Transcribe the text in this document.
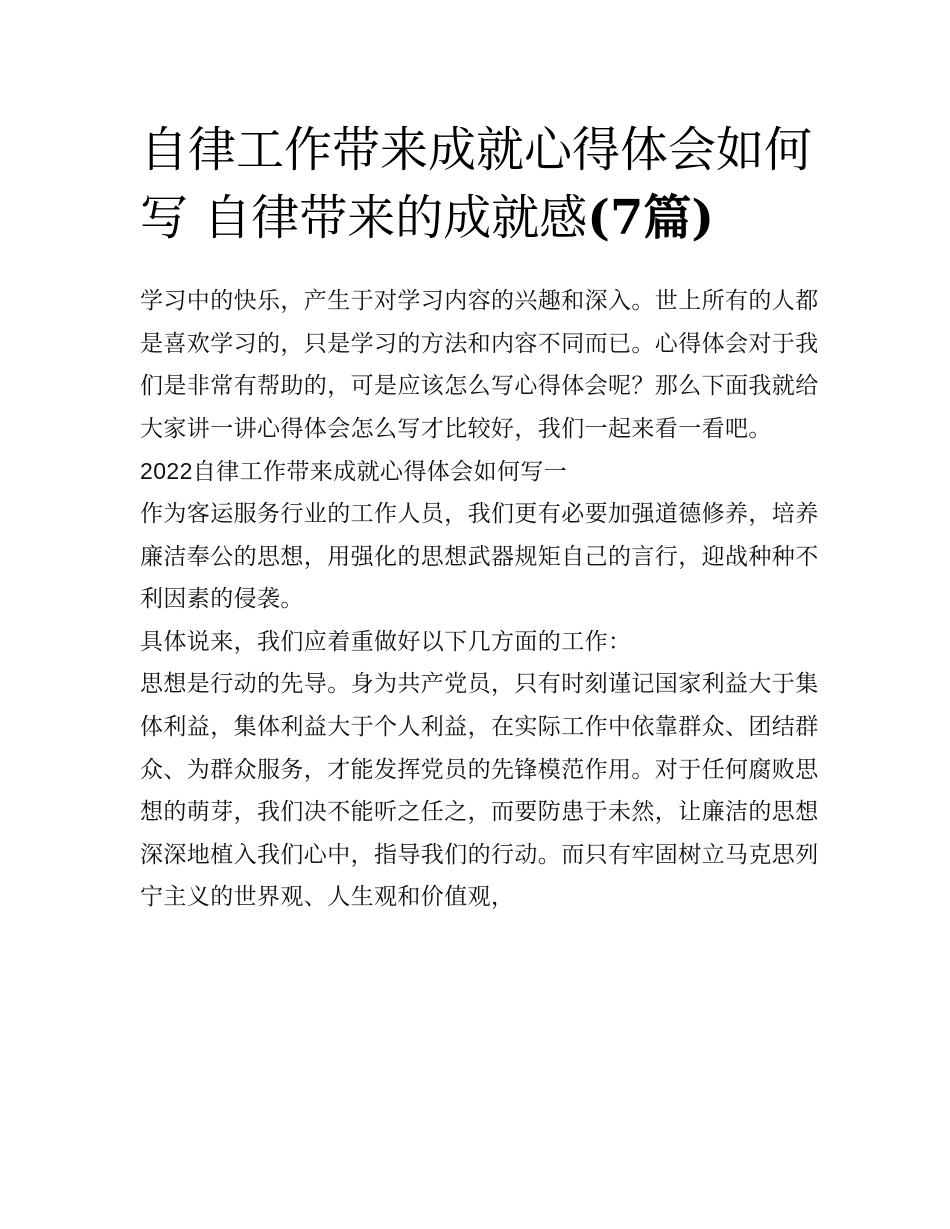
自律工作带来成就心得体会如何写 自律带来的成就感(7篇)

学习中的快乐，产生于对学习内容的兴趣和深入。世上所有的人都是喜欢学习的，只是学习的方法和内容不同而已。心得体会对于我们是非常有帮助的，可是应该怎么写心得体会呢？那么下面我就给大家讲一讲心得体会怎么写才比较好，我们一起来看一看吧。

2022自律工作带来成就心得体会如何写一

作为客运服务行业的工作人员，我们更有必要加强道德修养，培养廉洁奉公的思想，用强化的思想武器规矩自己的言行，迎战种种不利因素的侵袭。

具体说来，我们应着重做好以下几方面的工作：

思想是行动的先导。身为共产党员，只有时刻谨记国家利益大于集体利益，集体利益大于个人利益，在实际工作中依靠群众、团结群众、为群众服务，才能发挥党员的先锋模范作用。对于任何腐败思想的萌芽，我们决不能听之任之，而要防患于未然，让廉洁的思想深深地植入我们心中，指导我们的行动。而只有牢固树立马克思列宁主义的世界观、人生观和价值观，
